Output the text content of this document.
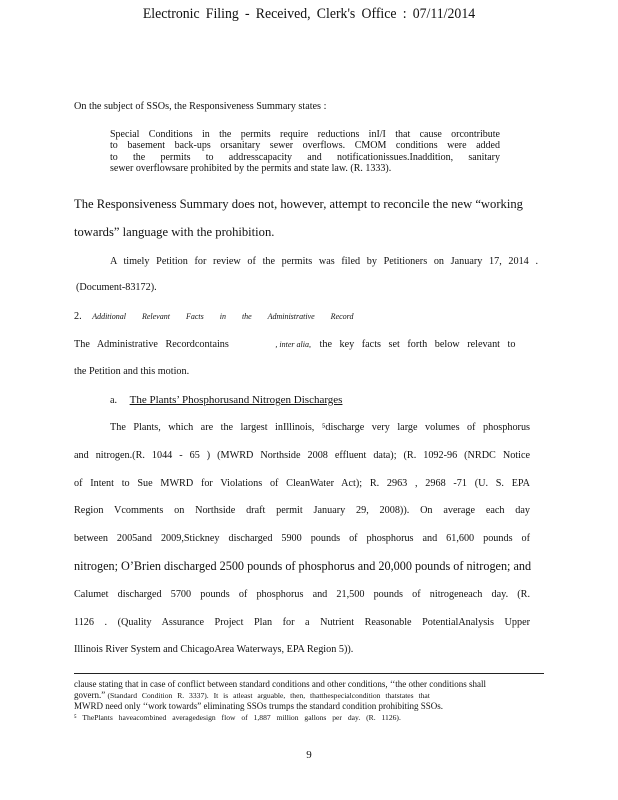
Electronic Filing - Received, Clerk's Office : 07/11/2014
On the subject of SSOs, the Responsiveness Summary states :
Special Conditions in the permits require reductions inI/I that cause orcontribute
to basement back-ups orsanitary sewer overflows. CMOM conditions were added
to the permits to addresscapacity and notificationissues.Inaddition, sanitary
sewer overflowsare prohibited by the permits and state law. (R. 1333).
The Responsiveness Summary does not, however, attempt to reconcile the new “working
towards” language with the prohibition.
A timely Petition for review of the permits was filed by Petitioners on January 17, 2014 .
(Document-83172).
2. Additional Relevant Facts in the Administrative Record
The Administrative Recordcontains	, inter alia, the key facts set forth below relevant to
the Petition and this motion.
a. The Plants’ Phosphorusand Nitrogen Discharges
The Plants, which are the largest inIllinois, ⁵discharge very large volumes of phosphorus
and nitrogen.(R. 1044 - 65 ) (MWRD Northside 2008 effluent data); (R. 1092-96 (NRDC Notice
of Intent to Sue MWRD for Violations of CleanWater Act); R. 2963 , 2968 -71 (U. S. EPA
Region Vcomments on Northside draft permit January 29, 2008)). On average each day
between 2005and 2009,Stickney discharged 5900 pounds of phosphorus and 61,600 pounds of
nitrogen; O’Brien discharged 2500 pounds of phosphorus and 20,000 pounds of nitrogen; and
Calumet discharged 5700 pounds of phosphorus and 21,500 pounds of nitrogeneach day. (R.
1126 . (Quality Assurance Project Plan for a Nutrient Reasonable PotentialAnalysis Upper
Illinois River System and ChicagoArea Waterways, EPA Region 5)).
clause stating that in case of conflict between standard conditions and other conditions, ‘‘the other conditions shall
govern.” (Standard Condition R. 3337). It is atleast arguable, then, thatthespecialcondition thatstates that
MWRD need only ‘‘work towards” eliminating SSOs trumps the standard condition prohibiting SSOs.
⁵ ThePlants haveacombined averagedesign flow of 1,887 million gallons per day. (R. 1126).
9
